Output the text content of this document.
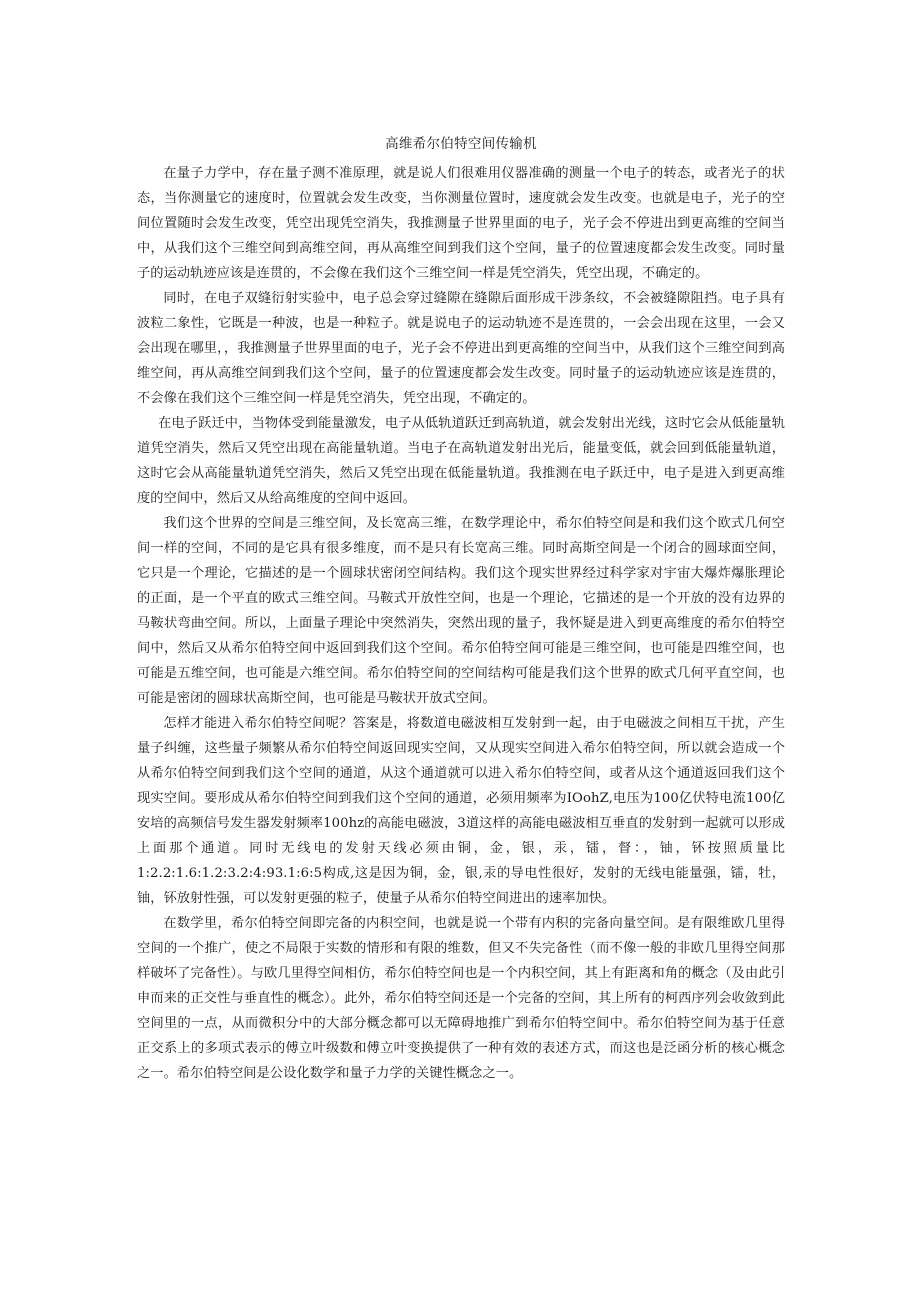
高维希尔伯特空间传输机

在量子力学中，存在量子测不准原理，就是说人们很难用仪器准确的测量一个电子的转态，或者光子的状态，当你测量它的速度时，位置就会发生改变，当你测量位置时，速度就会发生改变。也就是电子，光子的空间位置随时会发生改变，凭空出现凭空消失，我推测量子世界里面的电子，光子会不停进出到更高维的空间当中，从我们这个三维空间到高维空间，再从高维空间到我们这个空间，量子的位置速度都会发生改变。同时量子的运动轨迹应该是连贯的，不会像在我们这个三维空间一样是凭空消失，凭空出现，不确定的。

同时，在电子双缝衍射实验中，电子总会穿过缝隙在缝隙后面形成干涉条纹，不会被缝隙阻挡。电子具有波粒二象性，它既是一种波，也是一种粒子。就是说电子的运动轨迹不是连贯的，一会会出现在这里，一会又会出现在哪里，，我推测量子世界里面的电子，光子会不停进出到更高维的空间当中，从我们这个三维空间到高维空间，再从高维空间到我们这个空间，量子的位置速度都会发生改变。同时量子的运动轨迹应该是连贯的，不会像在我们这个三维空间一样是凭空消失，凭空出现，不确定的。

在电子跃迁中，当物体受到能量激发，电子从低轨道跃迁到高轨道，就会发射出光线，这时它会从低能量轨道凭空消失，然后又凭空出现在高能量轨道。当电子在高轨道发射出光后，能量变低，就会回到低能量轨道，这时它会从高能量轨道凭空消失，然后又凭空出现在低能量轨道。我推测在电子跃迁中，电子是进入到更高维度的空间中，然后又从给高维度的空间中返回。

我们这个世界的空间是三维空间，及长宽高三维，在数学理论中，希尔伯特空间是和我们这个欧式几何空间一样的空间，不同的是它具有很多维度，而不是只有长宽高三维。同时高斯空间是一个闭合的圆球面空间，它只是一个理论，它描述的是一个圆球状密闭空间结构。我们这个现实世界经过科学家对宇宙大爆炸爆胀理论的正面，是一个平直的欧式三维空间。马鞍式开放性空间，也是一个理论，它描述的是一个开放的没有边界的马鞍状弯曲空间。所以，上面量子理论中突然消失，突然出现的量子，我怀疑是进入到更高维度的希尔伯特空间中，然后又从希尔伯特空间中返回到我们这个空间。希尔伯特空间可能是三维空间，也可能是四维空间，也可能是五维空间，也可能是六维空间。希尔伯特空间的空间结构可能是我们这个世界的欧式几何平直空间，也可能是密闭的圆球状高斯空间，也可能是马鞍状开放式空间。

怎样才能进入希尔伯特空间呢？答案是，将数道电磁波相互发射到一起，由于电磁波之间相互干扰，产生量子纠缠，这些量子频繁从希尔伯特空间返回现实空间，又从现实空间进入希尔伯特空间，所以就会造成一个从希尔伯特空间到我们这个空间的通道，从这个通道就可以进入希尔伯特空间，或者从这个通道返回我们这个现实空间。要形成从希尔伯特空间到我们这个空间的通道，必须用频率为IOohZ,电压为100亿伏特电流100亿安培的高频信号发生器发射频率100hz的高能电磁波，3道这样的高能电磁波相互垂直的发射到一起就可以形成上面那个通道。同时无线电的发射天线必须由铜，金，银，汞，镭，督：，铀，钚按照质量比1:2.2:1.6:1.2:3.2:4:93.1:6:5构成,这是因为铜，金，银,汞的导电性很好，发射的无线电能量强，镭，牡，铀，钚放射性强，可以发射更强的粒子，使量子从希尔伯特空间进出的速率加快。

在数学里，希尔伯特空间即完备的内积空间，也就是说一个带有内积的完备向量空间。是有限维欧几里得空间的一个推广，使之不局限于实数的情形和有限的维数，但又不失完备性（而不像一般的非欧几里得空间那样破坏了完备性）。与欧几里得空间相仿，希尔伯特空间也是一个内积空间，其上有距离和角的概念（及由此引申而来的正交性与垂直性的概念）。此外，希尔伯特空间还是一个完备的空间，其上所有的柯西序列会收敛到此空间里的一点，从而微积分中的大部分概念都可以无障碍地推广到希尔伯特空间中。希尔伯特空间为基于任意正交系上的多项式表示的傅立叶级数和傅立叶变换提供了一种有效的表述方式，而这也是泛函分析的核心概念之一。希尔伯特空间是公设化数学和量子力学的关键性概念之一。
